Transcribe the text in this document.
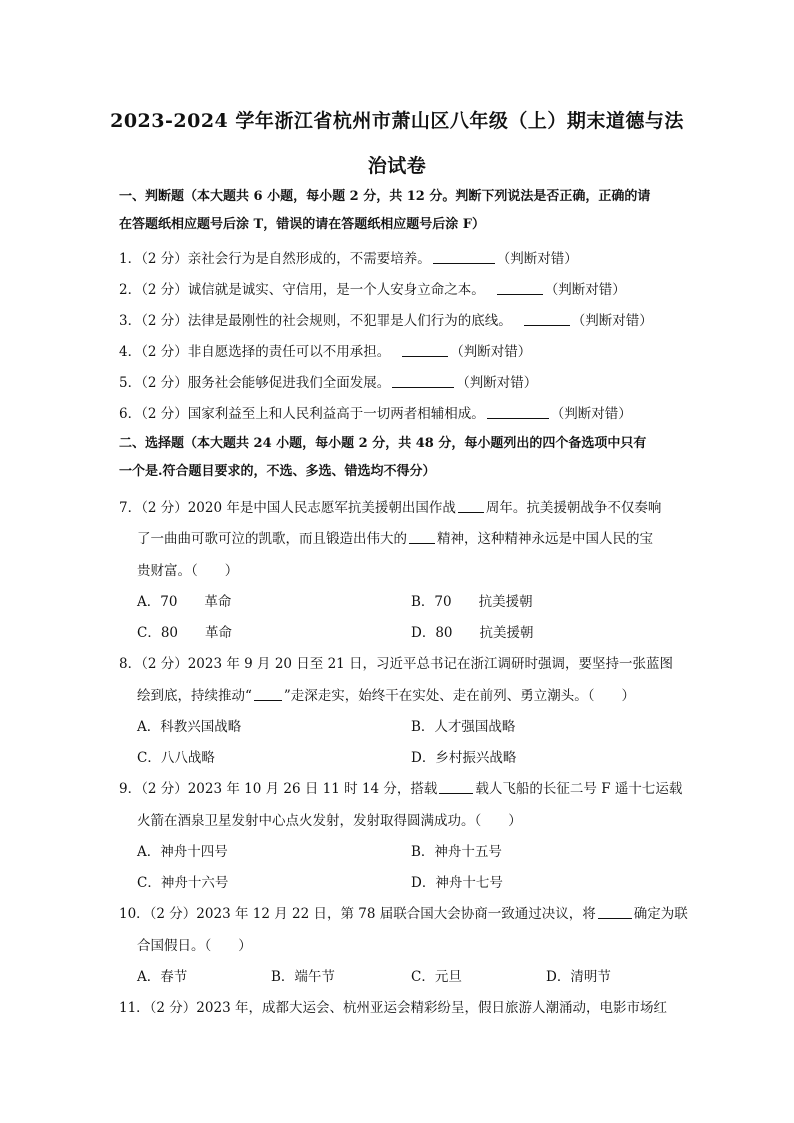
2023-2024 学年浙江省杭州市萧山区八年级（上）期末道德与法
治试卷
一、判断题（本大题共 6 小题，每小题 2 分，共 12 分。判断下列说法是否正确，正确的请
在答题纸相应题号后涂 T，错误的请在答题纸相应题号后涂 F）
1．（2 分）亲社会行为是自然形成的，不需要培养。	（判断对错）
2．（2 分）诚信就是诚实、守信用，是一个人安身立命之本。	（判断对错）
3．（2 分）法律是最刚性的社会规则，不犯罪是人们行为的底线。	（判断对错）
4．（2 分）非自愿选择的责任可以不用承担。	（判断对错）
5．（2 分）服务社会能够促进我们全面发展。	（判断对错）
6．（2 分）国家利益至上和人民利益高于一切两者相辅相成。	（判断对错）
二、选择题（本大题共 24 小题，每小题 2 分，共 48 分，每小题列出的四个备选项中只有
一个是.符合题目要求的，不选、多选、错选均不得分）
7．（2 分）2020 年是中国人民志愿军抗美援朝出国作战 周年。抗美援朝战争不仅奏响
了一曲曲可歌可泣的凯歌，而且锻造出伟大的 精神，这种精神永远是中国人民的宝
贵财富。（　　）
A．70　　革命	B．70　　抗美援朝
C．80　　革命	D．80　　抗美援朝
8．（2 分）2023 年 9 月 20 日至 21 日，习近平总书记在浙江调研时强调，要坚持一张蓝图
绘到底，持续推动“ ”走深走实，始终干在实处、走在前列、勇立潮头。（　　）
A．科教兴国战略	B．人才强国战略
C．八八战略	D．乡村振兴战略
9．（2 分）2023 年 10 月 26 日 11 时 14 分，搭载	载人飞船的长征二号 F 遥十七运载
火箭在酒泉卫星发射中心点火发射，发射取得圆满成功。（　　）
A．神舟十四号	B．神舟十五号
C．神舟十六号	D．神舟十七号
10．（2 分）2023 年 12 月 22 日，第 78 届联合国大会协商一致通过决议，将	确定为联
合国假日。（　　）
A．春节	B．端午节	C．元旦	D．清明节
11．（2 分）2023 年，成都大运会、杭州亚运会精彩纷呈，假日旅游人潮涌动，电影市场红
